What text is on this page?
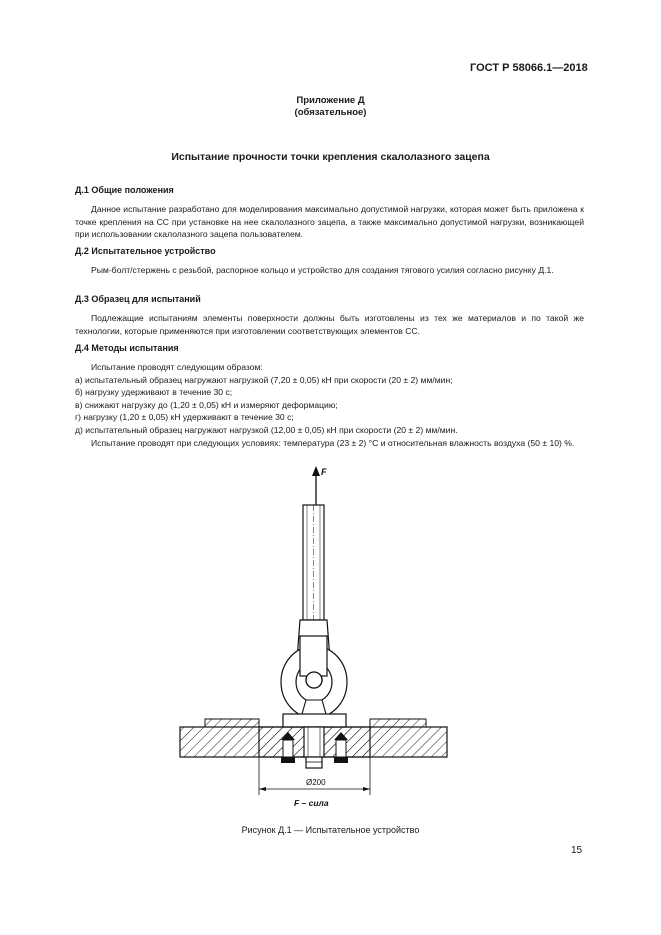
ГОСТ Р 58066.1—2018
Приложение Д
(обязательное)
Испытание прочности точки крепления скалолазного зацепа
Д.1 Общие положения
Данное испытание разработано для моделирования максимально допустимой нагрузки, которая может быть приложена к точке крепления на СС при установке на нее скалолазного зацепа, а также максимально допустимой нагрузки, возникающей при использовании скалолазного зацепа пользователем.
Д.2 Испытательное устройство
Рым-болт/стержень с резьбой, распорное кольцо и устройство для создания тягового усилия согласно рисунку Д.1.
Д.3 Образец для испытаний
Подлежащие испытаниям элементы поверхности должны быть изготовлены из тех же материалов и по такой же технологии, которые применяются при изготовлении соответствующих элементов СС.
Д.4 Методы испытания
Испытание проводят следующим образом:
а) испытательный образец нагружают нагрузкой (7,20 ± 0,05) кН при скорости (20 ± 2) мм/мин;
б) нагрузку удерживают в течение 30 с;
в) снижают нагрузку до (1,20 ± 0,05) кН и измеряют деформацию;
г) нагрузку (1,20 ± 0,05) кН удерживают в течение 30 с;
д) испытательный образец нагружают нагрузкой (12,00 ± 0,05) кН при скорости (20 ± 2) мм/мин.
Испытание проводят при следующих условиях: температура (23 ± 2) °С и относительная влажность воздуха (50 ± 10) %.
F
Ø200
F – сила
Рисунок Д.1 — Испытательное устройство
15
